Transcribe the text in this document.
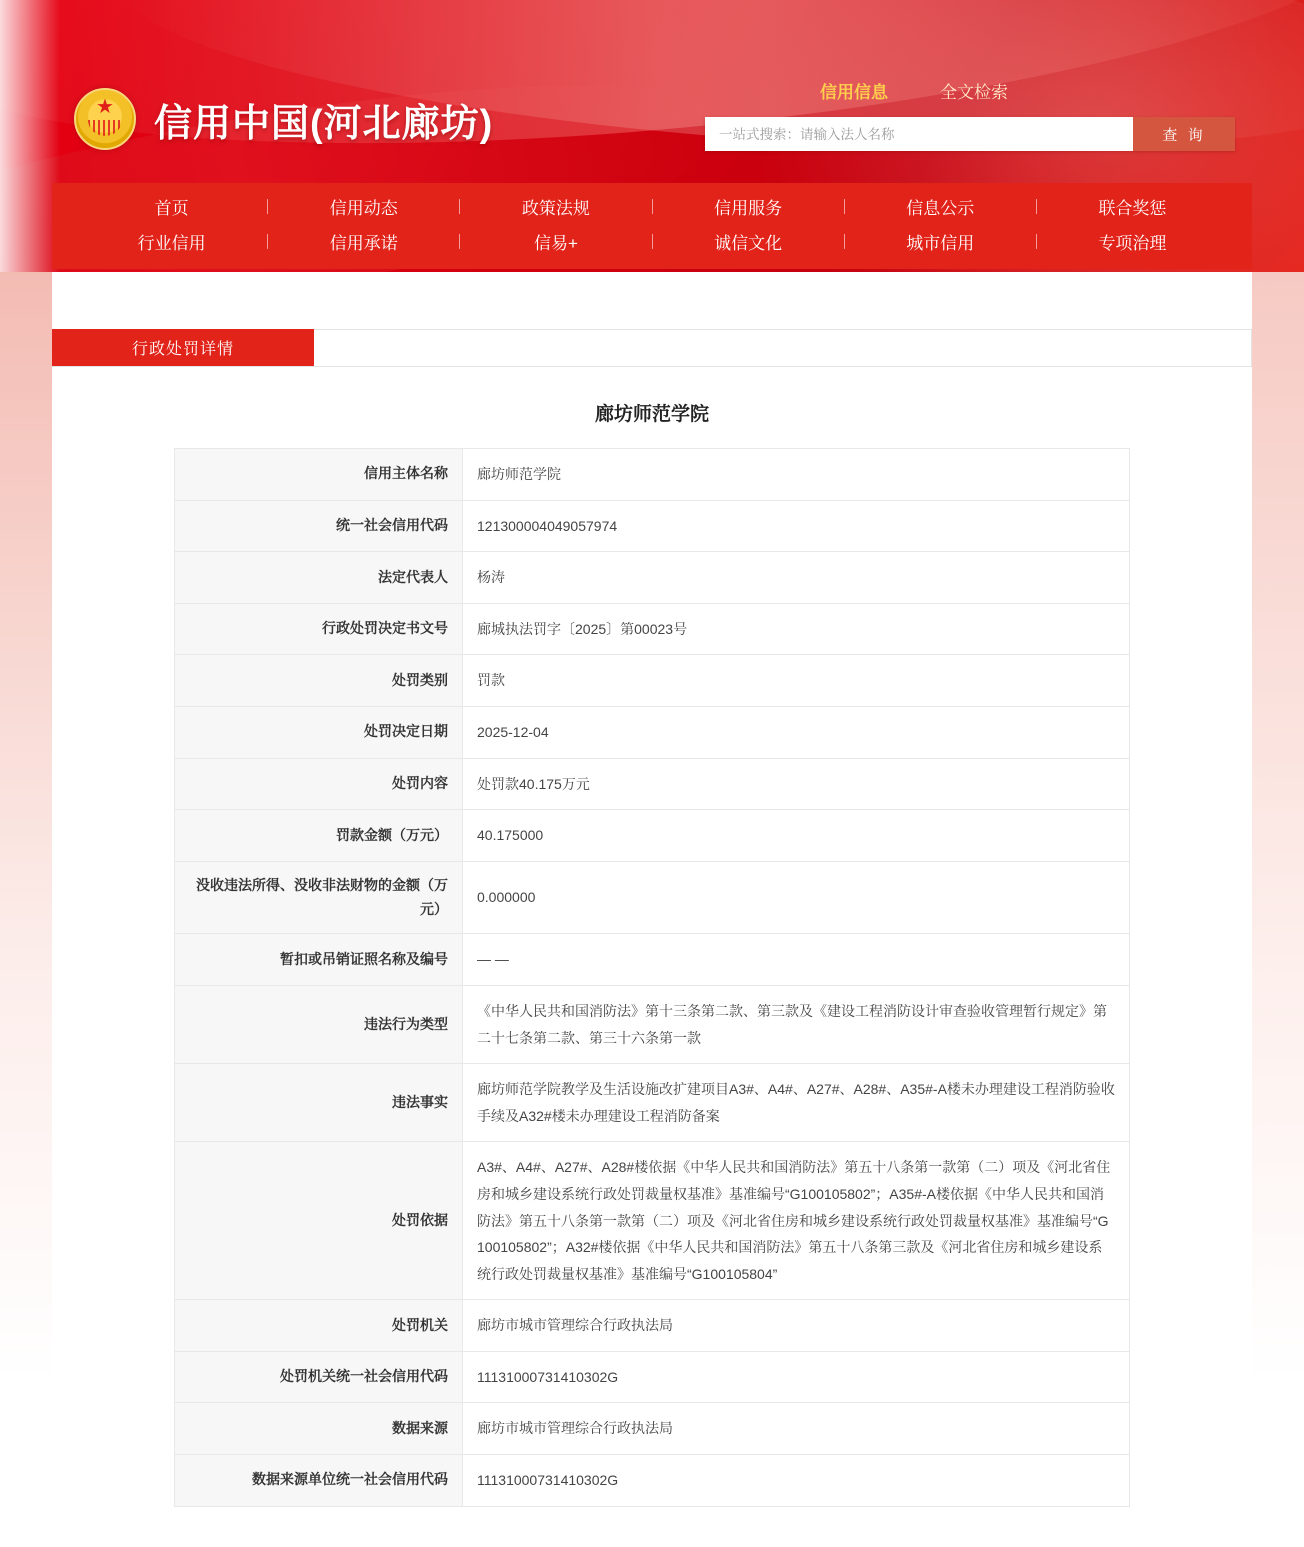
★
信用中国(河北廊坊)
信用信息	全文检索
一站式搜索：请输入法人名称
查 询
首页	信用动态	政策法规	信用服务	信息公示	联合奖惩
行业信用	信用承诺	信易+	诚信文化	城市信用	专项治理
行政处罚详情
廊坊师范学院
信用主体名称	廊坊师范学院
统一社会信用代码	121300004049057974
法定代表人	杨涛
行政处罚决定书文号	廊城执法罚字〔2025〕第00023号
处罚类别	罚款
处罚决定日期	2025-12-04
处罚内容	处罚款40.175万元
罚款金额（万元）	40.175000
没收违法所得、没收非法财物的金额（万元）	0.000000
暂扣或吊销证照名称及编号	— —
违法行为类型	《中华人民共和国消防法》第十三条第二款、第三款及《建设工程消防设计审查验收管理暂行规定》第二十七条第二款、第三十六条第一款
违法事实	廊坊师范学院教学及生活设施改扩建项目A3#、A4#、A27#、A28#、A35#-A楼未办理建设工程消防验收手续及A32#楼未办理建设工程消防备案
处罚依据	A3#、A4#、A27#、A28#楼依据《中华人民共和国消防法》第五十八条第一款第（二）项及《河北省住房和城乡建设系统行政处罚裁量权基准》基准编号“G100105802”；A35#-A楼依据《中华人民共和国消防法》第五十八条第一款第（二）项及《河北省住房和城乡建设系统行政处罚裁量权基准》基准编号“G100105802”；A32#楼依据《中华人民共和国消防法》第五十八条第三款及《河北省住房和城乡建设系统行政处罚裁量权基准》基准编号“G100105804”
处罚机关	廊坊市城市管理综合行政执法局
处罚机关统一社会信用代码	11131000731410302G
数据来源	廊坊市城市管理综合行政执法局
数据来源单位统一社会信用代码	11131000731410302G
